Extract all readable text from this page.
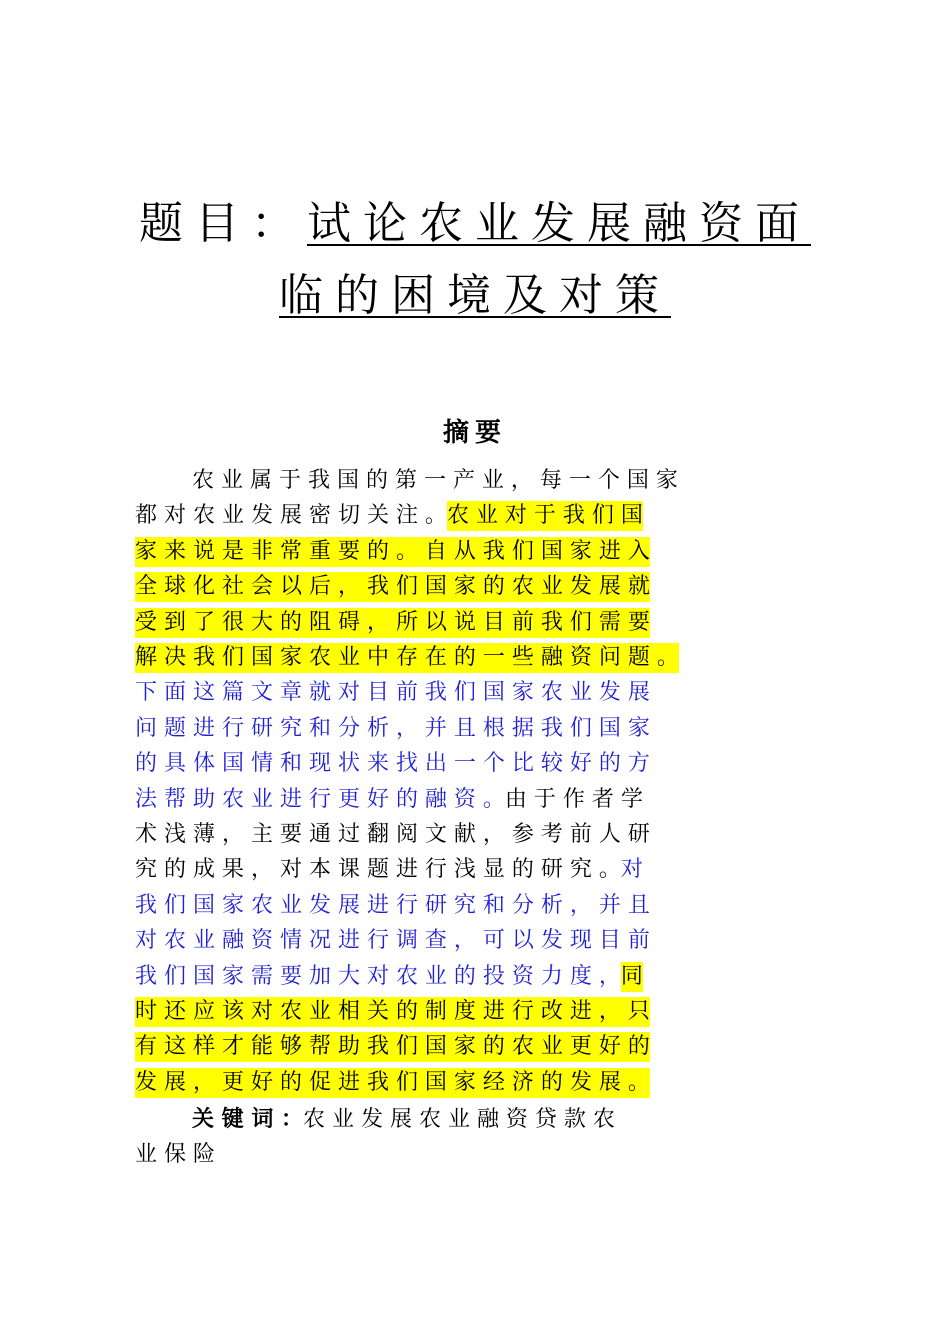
题目：试论农业发展融资面
临的困境及对策
摘要
农 业 属 于 我 国 的 第 一 产 业 ， 每 一 个 国 家
都 对 农 业 发 展 密 切 关 注 。农 业 对 于 我 们 国
家 来 说 是 非 常 重 要 的 。 自 从 我 们 国 家 进 入
全 球 化 社 会 以 后 ， 我 们 国 家 的 农 业 发 展 就
受 到 了 很 大 的 阻 碍 ， 所 以 说 目 前 我 们 需 要
解 决 我 们 国 家 农 业 中 存 在 的 一 些 融 资 问 题 。
下 面 这 篇 文 章 就 对 目 前 我 们 国 家 农 业 发 展
问 题 进 行 研 究 和 分 析 ， 并 且 根 据 我 们 国 家
的 具 体 国 情 和 现 状 来 找 出 一 个 比 较 好 的 方
法 帮 助 农 业 进 行 更 好 的 融 资 。由 于 作 者 学
术 浅 薄 ， 主 要 通 过 翻 阅 文 献 ， 参 考 前 人 研
究 的 成 果 ， 对 本 课 题 进 行 浅 显 的 研 究 。对
我 们 国 家 农 业 发 展 进 行 研 究 和 分 析 ， 并 且
对 农 业 融 资 情 况 进 行 调 查 ， 可 以 发 现 目 前
我 们 国 家 需 要 加 大 对 农 业 的 投 资 力 度 ，同
时 还 应 该 对 农 业 相 关 的 制 度 进 行 改 进 ， 只
有 这 样 才 能 够 帮 助 我 们 国 家 的 农 业 更 好 的
发 展 ， 更 好 的 促 进 我 们 国 家 经 济 的 发 展 。
关 键 词 ：农 业 发 展 农 业 融 资 贷 款 农
业 保 险
